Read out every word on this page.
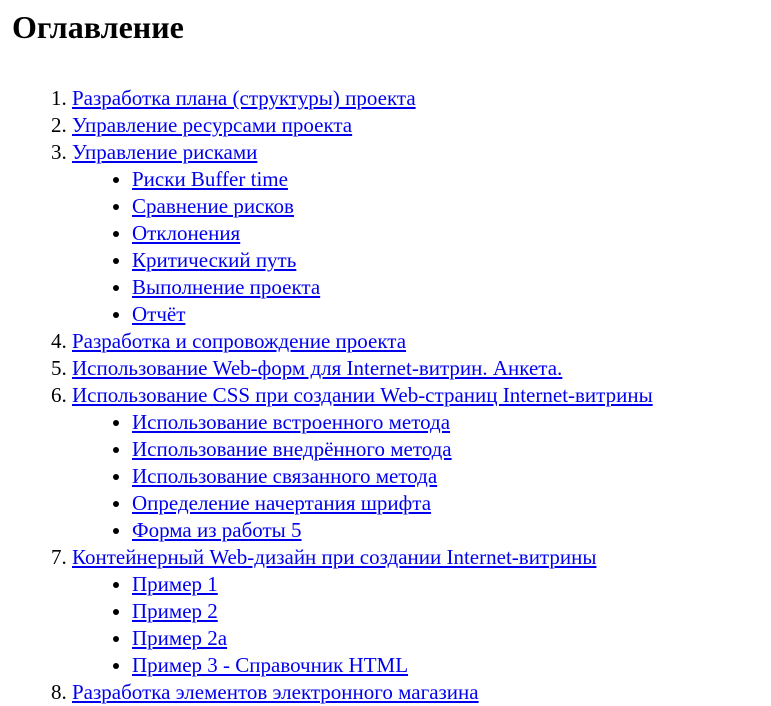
Оглавление
1. Разработка плана (структуры) проекта
2. Управление ресурсами проекта
3. Управление рисками
• Риски Buffer time
• Сравнение рисков
• Отклонения
• Критический путь
• Выполнение проекта
• Отчёт
4. Разработка и сопровождение проекта
5. Использование Web-форм для Internet-витрин. Анкета.
6. Использование CSS при создании Web-страниц Internet-витрины
• Использование встроенного метода
• Использование внедрённого метода
• Использование связанного метода
• Определение начертания шрифта
• Форма из работы 5
7. Контейнерный Web-дизайн при создании Internet-витрины
• Пример 1
• Пример 2
• Пример 2a
• Пример 3 - Справочник HTML
8. Разработка элементов электронного магазина
